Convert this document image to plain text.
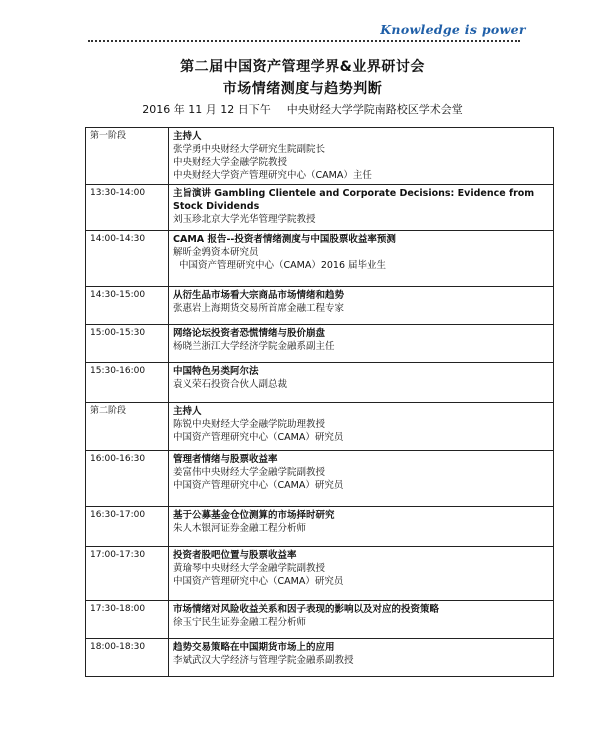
Knowledge is power
第二届中国资产管理学界&业界研讨会
市场情绪测度与趋势判断
2016 年 11 月 12 日下午 中央财经大学学院南路校区学术会堂
第一阶段	主持人
张学勇中央财经大学研究生院副院长
中央财经大学金融学院教授
中央财经大学资产管理研究中心（CAMA）主任

13:30-14:00	主旨演讲 Gambling Clientele and Corporate Decisions: Evidence from Stock Dividends
刘玉珍北京大学光华管理学院教授

14:00-14:30	CAMA 报告--投资者情绪测度与中国股票收益率预测
解昕金鹑资本研究员
中国资产管理研究中心（CAMA）2016 届毕业生

14:30-15:00	从衍生品市场看大宗商品市场情绪和趋势
张惠岩上海期货交易所首席金融工程专家

15:00-15:30	网络论坛投资者恐慌情绪与股价崩盘
杨晓兰浙江大学经济学院金融系副主任

15:30-16:00	中国特色另类阿尔法
袁义荣石投资合伙人副总裁

第二阶段	主持人
陈锐中央财经大学金融学院助理教授
中国资产管理研究中心（CAMA）研究员

16:00-16:30	管理者情绪与股票收益率
姜富伟中央财经大学金融学院副教授
中国资产管理研究中心（CAMA）研究员

16:30-17:00	基于公募基金仓位测算的市场择时研究
朱人木银河证券金融工程分析师

17:00-17:30	投资者股吧位置与股票收益率
黄瑜琴中央财经大学金融学院副教授
中国资产管理研究中心（CAMA）研究员

17:30-18:00	市场情绪对风险收益关系和因子表现的影响以及对应的投资策略
徐玉宁民生证券金融工程分析师

18:00-18:30	趋势交易策略在中国期货市场上的应用
李斌武汉大学经济与管理学院金融系副教授
